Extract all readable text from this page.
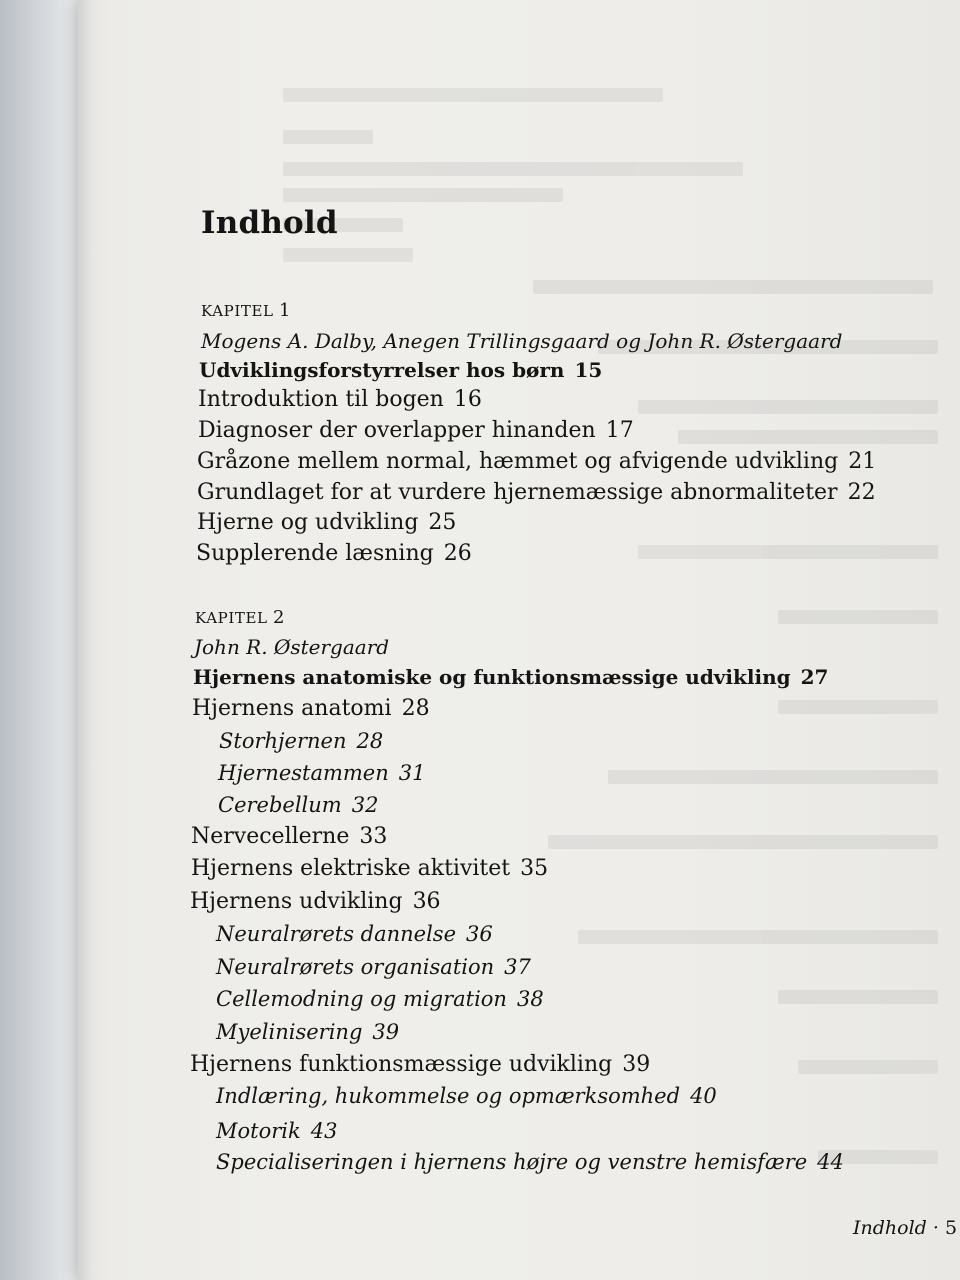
Indhold
KAPITEL 1
Mogens A. Dalby, Anegen Trillingsgaard og John R. Østergaard
Udviklingsforstyrrelser hos børn 15
Introduktion til bogen 16
Diagnoser der overlapper hinanden 17
Gråzone mellem normal, hæmmet og afvigende udvikling 21
Grundlaget for at vurdere hjernemæssige abnormaliteter 22
Hjerne og udvikling 25
Supplerende læsning 26
KAPITEL 2
John R. Østergaard
Hjernens anatomiske og funktionsmæssige udvikling 27
Hjernens anatomi 28
Storhjernen 28
Hjernestammen 31
Cerebellum 32
Nervecellerne 33
Hjernens elektriske aktivitet 35
Hjernens udvikling 36
Neuralrørets dannelse 36
Neuralrørets organisation 37
Cellemodning og migration 38
Myelinisering 39
Hjernens funktionsmæssige udvikling 39
Indlæring, hukommelse og opmærksomhed 40
Motorik 43
Specialiseringen i hjernens højre og venstre hemisfære 44
Indhold · 5
